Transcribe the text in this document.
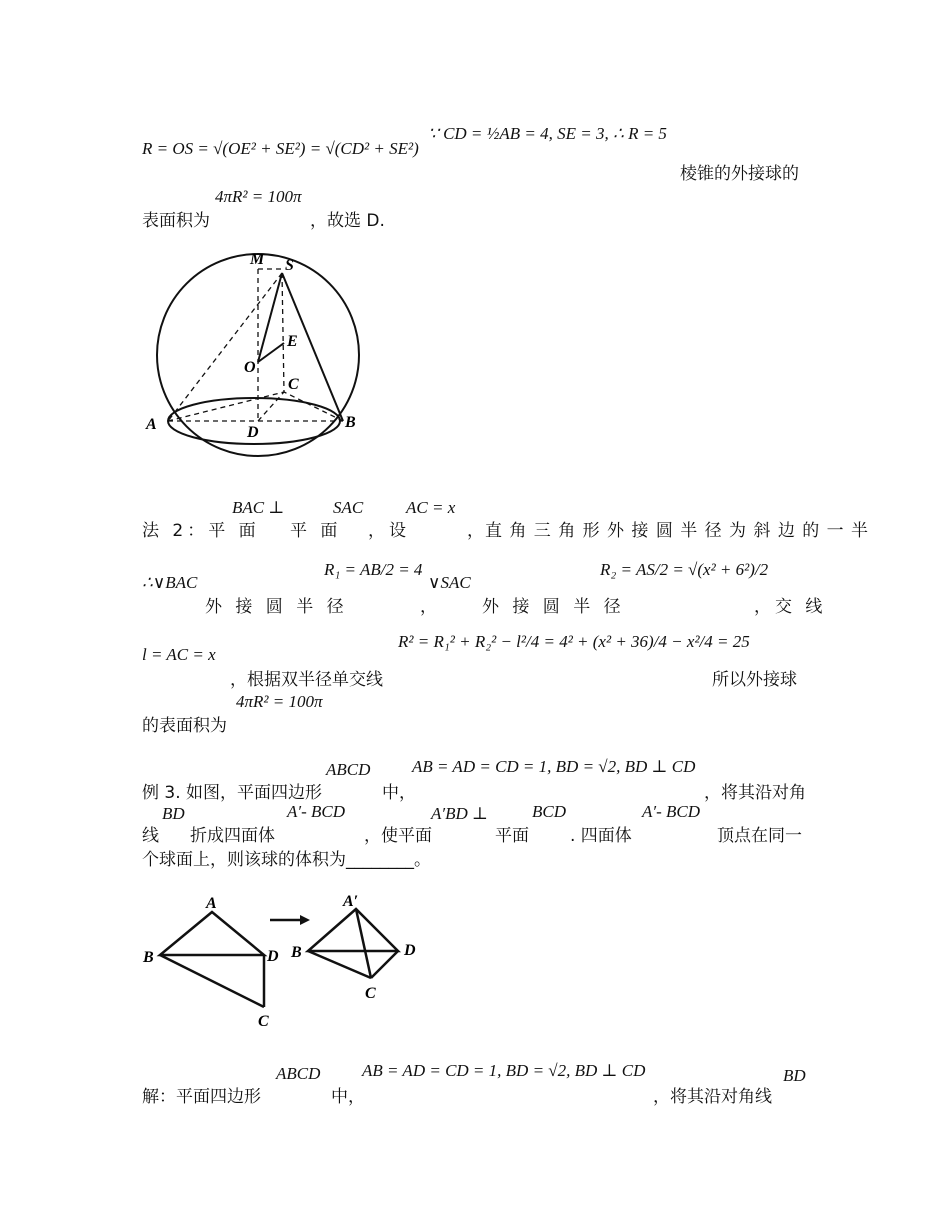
R = OS = √(OE² + SE²) = √(CD² + SE²)
∵ CD = ½AB = 4, SE = 3, ∴ R = 5
棱锥的外接球的
4πR² = 100π
表面积为	，故选 D.
M S
E
O
C
A	D
B
BAC ⊥	SAC	AC = x
法 2：平 面 平 面 ，设	，直 角 三 角 形 外 接 圆 半 径 为 斜 边 的 一 半
∴∨BAC
R₁ = AB/2 = 4
∨SAC
R₂ = AS/2 = √(x² + 6²)/2
外 接 圆 半 径	，	外 接 圆 半 径	，交 线
R² = R₁² + R₂² − l²/4 = 4² + (x² + 36)/4 − x²/4 = 25
l = AC = x
，根据双半径单交线	所以外接球
4πR² = 100π
的表面积为
ABCD AB = AD = CD = 1, BD = √2, BD ⊥ CD
例 3. 如图，平面四边形	中，	，将其沿对角
BD	A′- BCD	A′BD ⊥	BCD	A′- BCD
线 折成四面体	，使平面	平面 . 四面体	顶点在同一
个球面上，则该球的体积为________。
A
B	D
C
A′
B	D
C
ABCD AB = AD = CD = 1, BD = √2, BD ⊥ CD	BD
解：平面四边形	中，	，将其沿对角线
